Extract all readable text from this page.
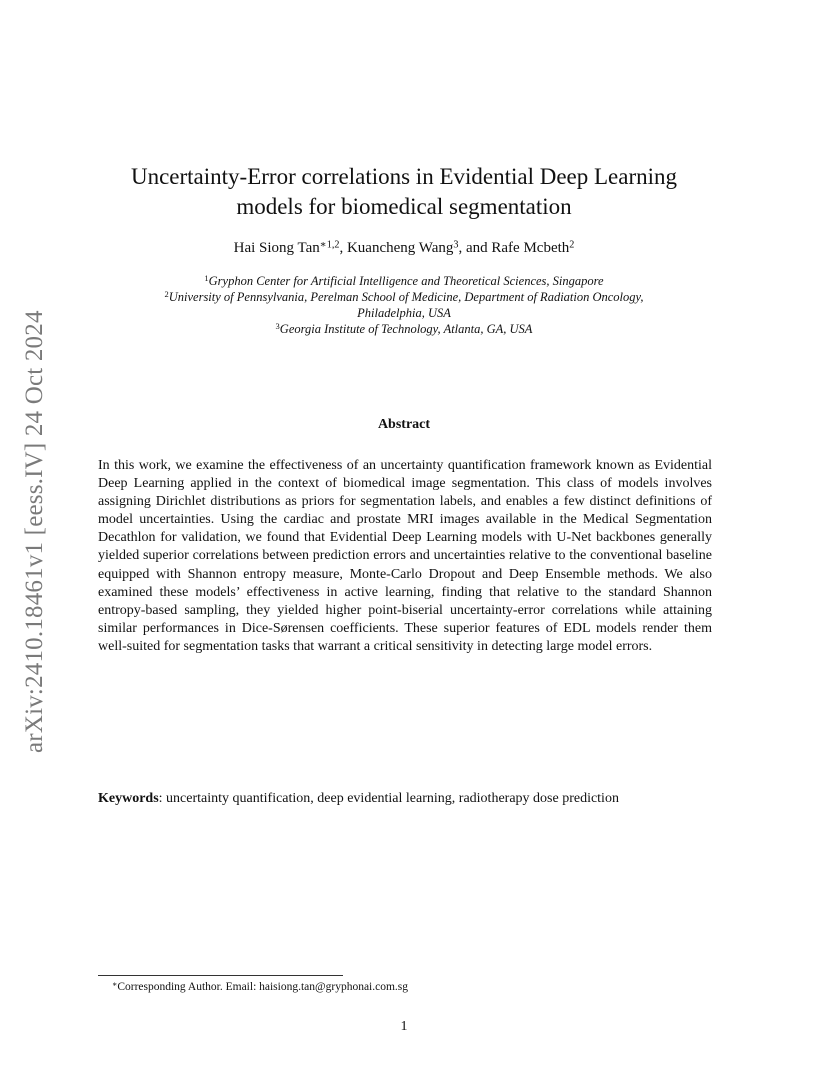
arXiv:2410.18461v1 [eess.IV] 24 Oct 2024
Uncertainty-Error correlations in Evidential Deep Learning
models for biomedical segmentation
Hai Siong Tan$^{∗1,2}$, Kuancheng Wang$^3$, and Rafe Mcbeth$^2$
$^1$Gryphon Center for Artificial Intelligence and Theoretical Sciences, Singapore
$^2$University of Pennsylvania, Perelman School of Medicine, Department of Radiation Oncology,
Philadelphia, USA
$^3$Georgia Institute of Technology, Atlanta, GA, USA
Abstract

In this work, we examine the effectiveness of an uncertainty quantification framework known as Evidential Deep Learning applied in the context of biomedical image segmentation. This class of models involves assigning Dirichlet distributions as priors for segmentation labels, and enables a few distinct definitions of model uncertainties. Using the cardiac and prostate MRI images available in the Medical Segmentation Decathlon for validation, we found that Evidential Deep Learning models with U-Net backbones generally yielded superior correlations between prediction errors and uncertainties relative to the conventional baseline equipped with Shannon entropy measure, Monte-Carlo Dropout and Deep Ensemble methods. We also examined these models’ effectiveness in active learning, finding that relative to the standard Shannon entropy-based sampling, they yielded higher point-biserial uncertainty-error correlations while attaining similar performances in Dice-Sørensen coefficients. These superior features of EDL models render them well-suited for segmentation tasks that warrant a critical sensitivity in detecting large model errors.

Keywords: uncertainty quantification, deep evidential learning, radiotherapy dose prediction
∗Corresponding Author. Email: haisiong.tan@gryphonai.com.sg
1
